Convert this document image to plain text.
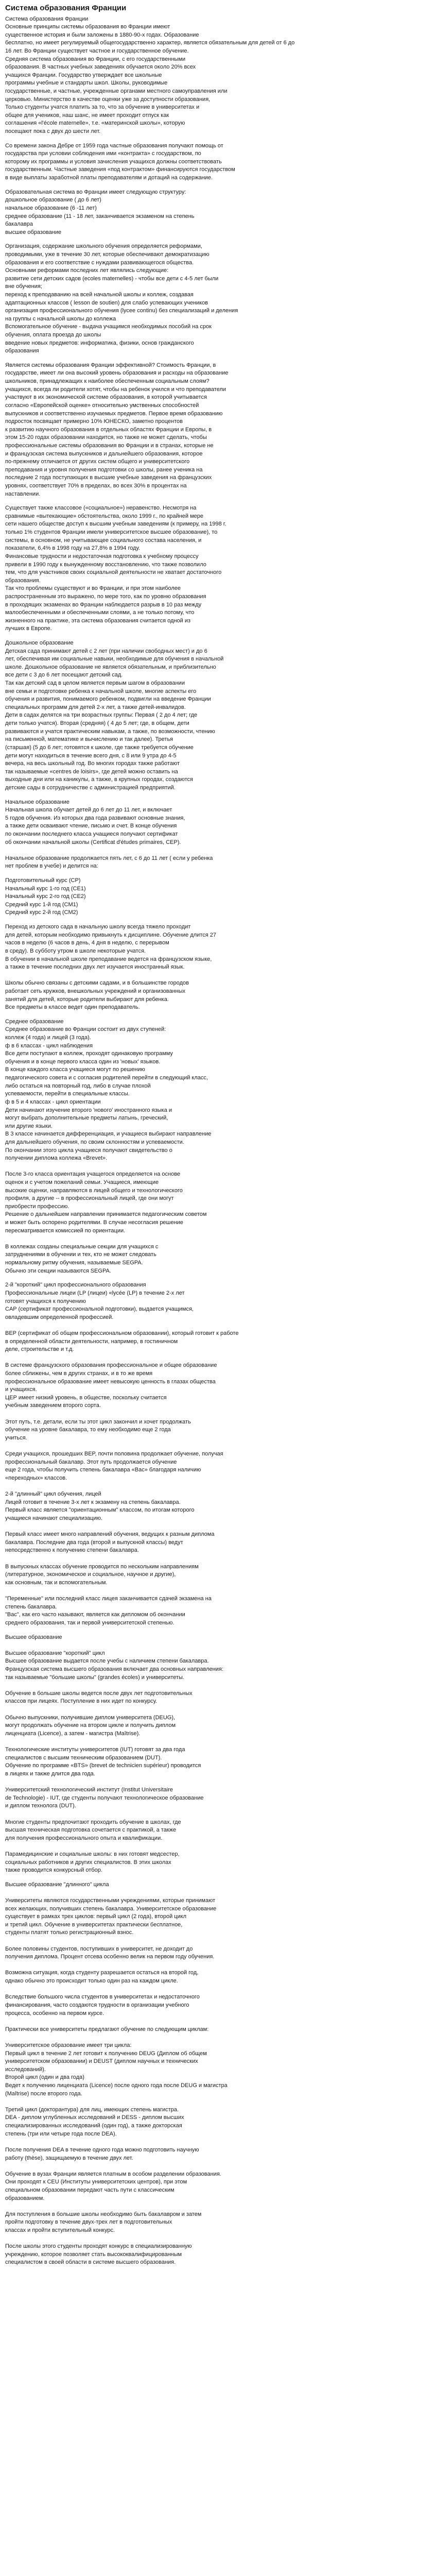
Система образования Франции
Система образования Франции
Основные принципы системы образования во Франции имеют
существенное история и были заложены в 1880-90-х годах. Образование
бесплатно, но имеет регулируемый общегосударственно характер, является обязательным для детей от 6 до
16 лет. Во Франции существует частное и государственное обучение.
Средняя система образования во Франции, с его государственными
образования. В частных учебных заведениях обучается около 20% всех
учащихся Франции. Государство утверждает все школьные
программы учебные и стандарты школ. Школы, руководимые
государственные, и частные, учрежденные органами местного самоуправления или
церковью. Министерство в качестве оценки уже за доступности образования,
Только студенты учатся платить за то, что за обучение в университетах и
общее для учеников, наш шанс, не имеет проходит отпуск как
соглашения «l'école maternelle», т.е. «материнской школы», которую
посещают пока с двух до шести лет.
Со времени закона Дебре от 1959 года частные образования получают помощь от
государства при условии соблюдения ими «контракта» с государством, по
которому их программы и условия зачисления учащихся должны соответствовать
государственным. Частные заведения «под контрактом» финансируются государством
в виде выплаты заработной платы преподавателям и дотаций на содержание.
Образовательная система во Франции имеет следующую структуру:
дошкольное образование ( до 6 лет)
начальное образование (6 -11 лет)
среднее образование (11 - 18 лет, заканчивается экзаменом на степень
бакалавра
высшее образование
Организация, содержание школьного обучения определяется реформами,
проводимыми, уже в течение 30 лет, которые обеспечивают демократизацию
образования и его соответствие с нуждами развивающегося общества.
Основными реформами последних лет являлись следующие:
развитие сети детских садов (ecoles maternelles) - чтобы все дети с 4-5 лет были
вне обучения;
переход к преподаванию на всей начальной школы и коллеж, создавая
адаптационных классов ( lesson de soutien) для слабо успевающих учеников
организация профессионального обучения (lycee continu) без специализаций и деления
на группы с начальной школы до коллежа
Вспомогательное обучение - выдача учащимся необходимых пособий на срок
обучения, оплата проезда до школы
введение новых предметов: информатика, физики, основ гражданского
образования
Является системы образования Франции эффективной? Стоимость Франции, в
государстве, имеет ли она высокий уровень образования и расходы на образование
школьников, принадлежащих к наиболее обеспеченным социальным слоям?
учащихся, всегда ли родители хотят, чтобы на ребенок учился и что преподаватели
участвуют в их экономической системе образования, в которой учитывается
согласно «Европейской оценке» относительно умственных способностей
выпускников и соответственно изучаемых предметов. Первое время образованию
подросток посвящает примерно 10% ЮНЕСКО, заметно процентов
к развитию научного образования в отдельных областях Франции и Европы, в
этом 15-20 годах образовании находится, но также не может сделать, чтобы
профессиональные системы образования во Франции и в странах, которые не
и французская система выпускников и дальнейшего образования, которое
по-прежнему отличается от других систем общего и университетского
преподавания и уровня получения подготовки со школы, ранее ученика на
последние 2 года поступающих в высшие учебные заведения на французских
уровнях, соответствует 70% в пределах, во всех 30% в процентах на
наставлении.
Существует также классовое («социальное») неравенство. Несмотря на
сравнимые «вытекающие» обстоятельства, около 1999 г., по крайней мере
сети нашего обществе доступ к высшим учебным заведениям (к примеру, на 1998 г.
только 1% студентов Франции имели университетское высшее образование), то
системы, в основном, не учитывающее социального состава населения, и
показатели, 6,4% в 1998 году на 27,8% в 1994 году.
Финансовые трудности и недостаточная подготовка к учебному процессу
привели в 1990 году к вынужденному восстановлению, что также позволило
тем, что для участников своих социальной деятельности не хватает достаточного
образования.
Так что проблемы существуют и во Франции, и при этом наиболее
распространенным это выражено, по мере того, как по уровню образования
в проходящих экзаменах во Франции наблюдается разрыв в 10 раз между
малообеспеченными и обеспеченными слоями, а не только потому, что
жизненного на практике, эта система образования считается одной из
лучших в Европе.
Дошкольное образование
Детская сада принимают детей с 2 лет (при наличии свободных мест) и до 6
лет, обеспечивая им социальные навыки, необходимые для обучения в начальной
школе. Дошкольное образование не является обязательным, и приблизительно
все дети с 3 до 6 лет посещают детский сад.
Так как детский сад в целом является первым шагом в образовании
вне семьи и подготовке ребенка к начальной школе, многие аспекты его
обучения и развития, понимаемого ребенком, подвигли на введение Франции
специальных программ для детей 2-х лет, а также детей-инвалидов.
Дети в садах делятся на три возрастных группы: Первая ( 2 до 4 лет; где
дети только учатся). Вторая (средняя) ( 4 до 5 лет; где, в общем, дети
развиваются и учатся практическим навыкам, а также, по возможности, чтению
на письменной, математике и вычислению и так далее). Третья
(старшая) (5 до 6 лет; готовятся к школе, где также требуется обучение
дети могут находиться в течение всего дня, с 8 или 9 утра до 4-5
вечера, на весь школьный год. Во многих городах также работают
так называемые «centres de loisirs», где детей можно оставить на
выходные дни или на каникулы, а также, в крупных городах, создаются
детские сады в сотрудничестве с администрацией предприятий.
Начальное образование
Начальная школа обучает детей до 6 лет до 11 лет, и включает
5 годов обучения. Из которых два года развивают основные знания,
а также дети осваивают чтение, письмо и счет. В конце обучения
по окончании последнего класса учащиеся получают сертификат
об окончании начальной школы (Certificat d'études primaires, CEP).

Начальное образование продолжается пять лет, с 6 до 11 лет ( если у ребенка
нет проблем в учебе) и делится на:
Подготовительный курс (CP)
Начальный курс 1-го год (CE1)
Начальный курс 2-го год (CE2)
Средний курс 1-й год (CM1)
Средний курс 2-й год (CM2)
Переход из детского сада в начальную школу всегда тяжело проходит
для детей, которым необходимо привыкнуть к дисциплине. Обучение длится 27
часов в неделю (6 часов в день, 4 дня в неделю, с перерывом
в среду). В субботу утром в школе некоторые учатся.
В обучении в начальной школе преподавание ведется на французском языке,
а также в течение последних двух лет изучается иностранный язык.

Школы обычно связаны с детскими садами, и в большинстве городов
работает сеть кружков, внешкольных учреждений и организованных
занятий для детей, которые родители выбирают для ребенка.
Все предметы в классе ведет один преподаватель.
Среднее образование
Среднее образование во Франции состоит из двух ступеней:
коллеж (4 года) и лицей (3 года).
ф в 6 классах - цикл наблюдения
Все дети поступают в коллеж, проходят одинаковую программу
обучения и в конце первого класса один из 'новых' языков.
В конце каждого класса учащиеся могут по решению
педагогического совета и с согласия родителей перейти в следующий класс,
либо остаться на повторный год, либо в случае плохой
успеваемости, перейти в специальные классы.
ф в 5 и 4 классах - цикл ориентации
Дети начинают изучение второго 'нового' иностранного языка и
могут выбрать дополнительные предметы латынь, греческий,
или другие языки.
В 3 классе начинается дифференциация, и учащиеся выбирают направление
для дальнейшего обучения, по своим склонностям и успеваемости.
По окончании этого цикла учащиеся получают свидетельство о
получении диплома коллежа «Brevet».

После 3-го класса ориентация учащегося определяется на основе
оценок и с учетом пожеланий семьи. Учащиеся, имеющие
высокие оценки, направляются в лицей общего и технологического
профиля, а другие -- в профессиональный лицей, где они могут
приобрести профессию.
Решение о дальнейшем направлении принимается педагогическим советом
и может быть оспорено родителями. В случае несогласия решение
пересматривается комиссией по ориентации.

В коллежах созданы специальные секции для учащихся с
затруднениями в обучении и тех, кто не может следовать
нормальному ритму обучения, называемые SEGPA.
Обычно эти секции называются SEGPA.
2-й "короткий" цикл профессионального образования
Профессиональные лицеи (LP (лицеи) «lycée (LP) в течение 2-х лет
готовят учащихся к получению
CAP (сертификат профессиональной подготовки), выдается учащимся,
овладевшим определенной профессией.

BEP (сертификат об общем профессиональном образовании), который готовит к работе
в определенной области деятельности, например, в гостиничном
деле, строительстве и т.д.

В системе французского образования профессиональное и общее образование
более сближены, чем в других странах, и в то же время
профессиональное образование имеет невысокую ценность в глазах общества
и учащихся.
ЦЕР имеет низкий уровень, в обществе, поскольку считается
учебным заведением второго сорта.

Этот путь, т.е. детали, если ты этот цикл закончил и хочет продолжать
обучение на уровне бакалавра, то ему необходимо еще 2 года
учиться.

Среди учащихся, прошедших BEP, почти половина продолжает обучение, получая
профессиональный бакалавр. Этот путь продолжается обучение
еще 2 года, чтобы получить степень бакалавра «Bac» благодаря наличию
«переходных» классов.

2-й "длинный" цикл обучения, лицей
Лицей готовит в течение 3-х лет к экзамену на степень бакалавра.
Первый класс является "ориентационным" классом, по итогам которого
учащиеся начинают специализацию.

Первый класс имеет много направлений обучения, ведущих к разным диплома
бакалавра. Последние два года (второй и выпускной классы) ведут
непосредственно к получению степени бакалавра.

В выпускных классах обучение проводится по нескольким направлениям
(литературное, экономическое и социальное, научное и другие),
как основным, так и вспомогательным.

"Переменные" или последний класс лицея заканчивается сдачей экзамена на
степень бакалавра.
"Bac", как его часто называют, является как дипломом об окончании
среднего образования, так и первой университетской степенью.
Высшее образование

Высшее образование "короткий" цикл
Высшее образование выдается после учебы с наличием степени бакалавра.
Французская система высшего образования включает два основных направления:
так называемые "большие школы" (grandes écoles) и университеты.

Обучение в большие школы ведется после двух лет подготовительных
классов при лицеях. Поступление в них идет по конкурсу.

Обычно выпускники, получившие диплом университета (DEUG),
могут продолжать обучение на втором цикле и получить диплом
лиценциата (Licence), а затем - магистра (Maîtrise).

Технологические институты университетов (IUT) готовят за два года
специалистов с высшим техническим образованием (DUT).
Обучение по программе «BTS» (brevet de technicien supérieur) проводится
в лицеях и также длится два года.

Университетский технологический институт (Institut Universitaire
de Technologie) - IUT, где студенты получают технологическое образование
и диплом технолога (DUT).

Многие студенты предпочитают проходить обучение в школах, где
высшая техническая подготовка сочетается с практикой, а также
для получения профессионального опыта и квалификации.

Парамедицинские и социальные школы: в них готовят медсестер,
социальных работников и других специалистов. В этих школах
также проводится конкурсный отбор.
Высшее образование "длинного" цикла

Университеты являются государственными учреждениями, которые принимают
всех желающих, получивших степень бакалавра. Университетское образование
существует в рамках трех циклов: первый цикл (2 года), второй цикл
и третий цикл. Обучение в университетах практически бесплатное,
студенты платят только регистрационный взнос.

Более половины студентов, поступивших в университет, не доходит до
получения диплома. Процент отсева особенно велик на первом году обучения.

Возможна ситуация, когда студенту разрешается остаться на второй год,
однако обычно это происходит только один раз на каждом цикле.

Вследствие большого числа студентов в университетах и недостаточного
финансирования, часто создаются трудности в организации учебного
процесса, особенно на первом курсе.

Практически все университеты предлагают обучение по следующим циклам:

Университетское образование имеет три цикла:
Первый цикл в течение 2 лет готовит к получению DEUG (Диплом об общем
университетском образовании) и DEUST (диплом научных и технических
исследований).
Второй цикл (один и два года)
Ведет к получению лиценциата (Licence) после одного года после DEUG и магистра
(Maîtrise) после второго года.

Третий цикл (докторантура) для лиц, имеющих степень магистра.
DEA - диплом углубленных исследований и DESS - диплом высших
специализированных исследований (один год), а также докторская
степень (три или четыре года после DEA).

После получения DEA в течение одного года можно подготовить научную
работу (thèse), защищаемую в течение двух лет.

Обучение в вузах Франции является платным в особом разделении образования.
Они проходят к CEU (Институты университетских центров), при этом
специальном образовании передают часть пути с классическим
образованием.

Для поступления в большие школы необходимо быть бакалавром и затем
пройти подготовку в течение двух-трех лет в подготовительных
классах и пройти вступительный конкурс.

После школы этого студенты проходят конкурс в специализированную
учреждению, которое позволяет стать высококвалифицированным
специалистом в своей области в системе высшего образования.
